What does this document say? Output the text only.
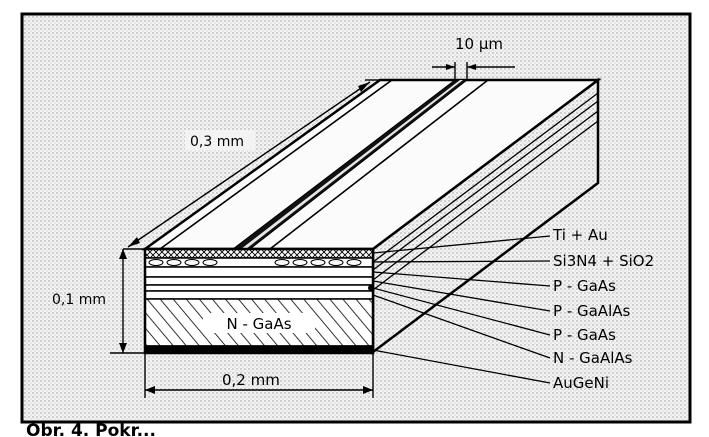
N - GaAs
10 µm
0,3 mm
0,1 mm
0,2 mm
Ti + Au
Si3N4 + SiO2
P - GaAs
P - GaAlAs
P - GaAs
N - GaAlAs
AuGeNi
Obr. 4. Pokr...
